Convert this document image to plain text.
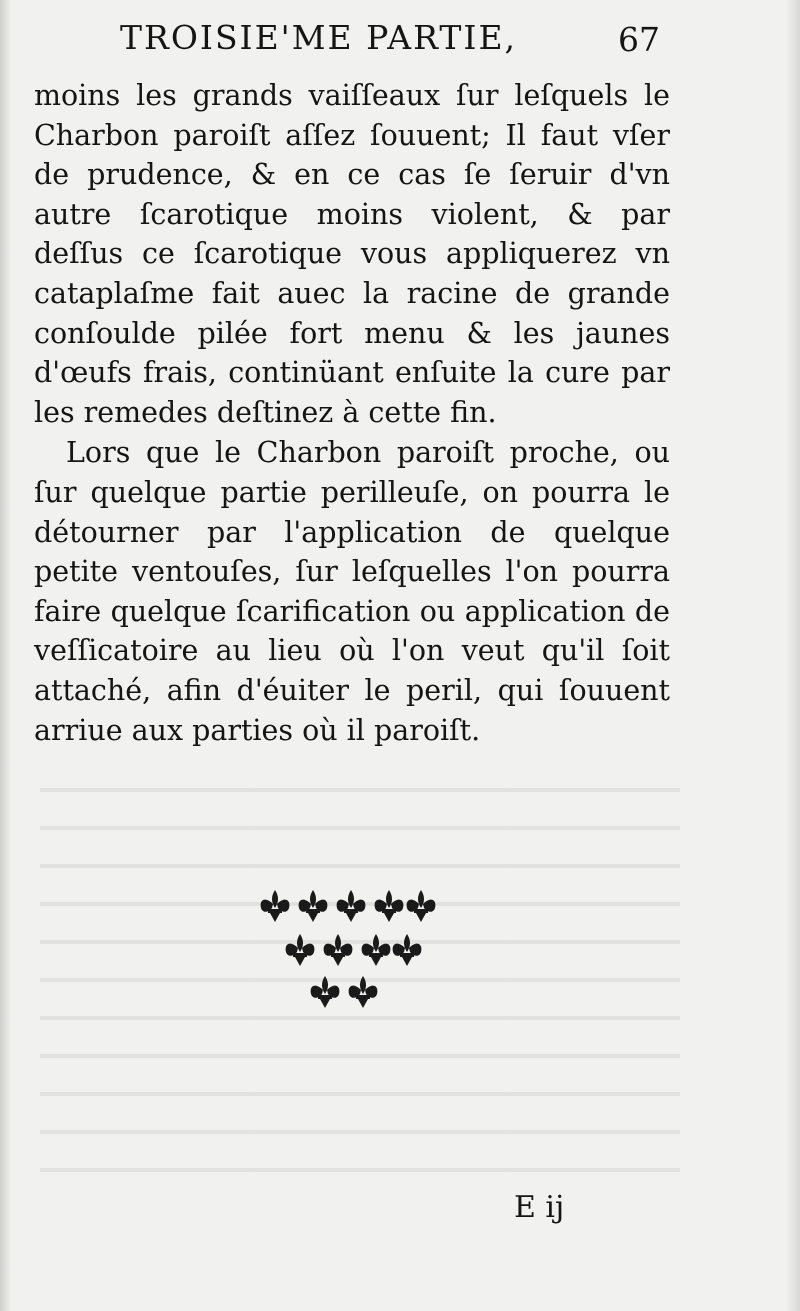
TROISIE'ME PARTIE,	67

moins les grands vaiſſeaux ſur leſquels le Charbon paroiſt aſſez ſouuent; Il faut vſer de prudence, & en ce cas ſe ſeruir d'vn autre ſcarotique moins violent, & par deſſus ce ſcarotique vous appliquerez vn cataplaſme fait auec la racine de grande conſoulde pilée fort menu & les jaunes d'œufs frais, continüant enſuite la cure par les remedes deſtinez à cette fin.

Lors que le Charbon paroiſt proche, ou ſur quelque partie perilleuſe, on pourra le détourner par l'application de quelque petite ventouſes, ſur leſquelles l'on pourra faire quelque ſcarification ou application de veſſicatoire au lieu où l'on veut qu'il ſoit attaché, afin d'éuiter le peril, qui ſouuent arriue aux parties où il paroiſt.

E ij
